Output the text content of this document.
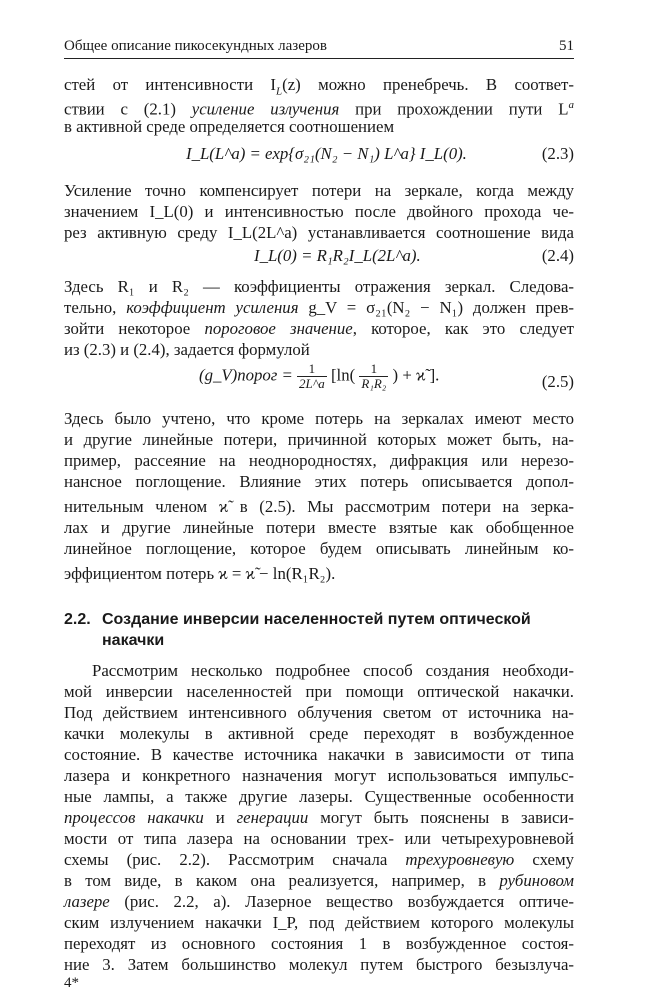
Общее описание пикосекундных лазеров	51
стей от интенсивности $I_L(z)$ можно пренебречь. В соответ-
ствии с (2.1) усиление излучения при прохождении пути $L^a$
в активной среде определяется соотношением
I_L(L^a) = exp{σ₂₁(N₂ − N₁) L^a} I_L(0).	(2.3)
Усиление точно компенсирует потери на зеркале, когда между
значением I_L(0) и интенсивностью после двойного прохода че-
рез активную среду I_L(2L^a) устанавливается соотношение вида
I_L(0) = R₁R₂I_L(2L^a).	(2.4)
Здесь R₁ и R₂ — коэффициенты отражения зеркал. Следова-
тельно, коэффициент усиления g_V = σ₂₁(N₂ − N₁) должен прев-
зойти некоторое пороговое значение, которое, как это следует
из (2.3) и (2.4), задается формулой
(g_V)порог = $\frac{1}{2L\^{}a} [\ln( \frac{1}{\text{R₁R₂}}$ ) + ϰ̃ ].	(2.5)
Здесь было учтено, что кроме потерь на зеркалах имеют место
и другие линейные потери, причинной которых может быть, на-
пример, рассеяние на неоднородностях, дифракция или нерезо-
нансное поглощение. Влияние этих потерь описывается допол-
нительным членом ϰ̃ в (2.5). Мы рассмотрим потери на зерка-
лах и другие линейные потери вместе взятые как обобщенное
линейное поглощение, которое будем описывать линейным ко-
эффициентом потерь ϰ = ϰ̃ − ln(R₁R₂).
2.2. Создание инверсии населенностей путем оптической
накачки
Рассмотрим несколько подробнее способ создания необходи-
мой инверсии населенностей при помощи оптической накачки.
Под действием интенсивного облучения светом от источника на-
качки молекулы в активной среде переходят в возбужденное
состояние. В качестве источника накачки в зависимости от типа
лазера и конкретного назначения могут использоваться импульс-
ные лампы, а также другие лазеры. Существенные особенности
процессов накачки и генерации могут быть пояснены в зависи-
мости от типа лазера на основании трех- или четырехуровневой
схемы (рис. 2.2). Рассмотрим сначала трехуровневую схему
в том виде, в каком она реализуется, например, в рубиновом
лазере (рис. 2.2, a). Лазерное вещество возбуждается оптиче-
ским излучением накачки I_P, под действием которого молекулы
переходят из основного состояния 1 в возбужденное состоя-
ние 3. Затем большинство молекул путем быстрого безызлуча-
4*
